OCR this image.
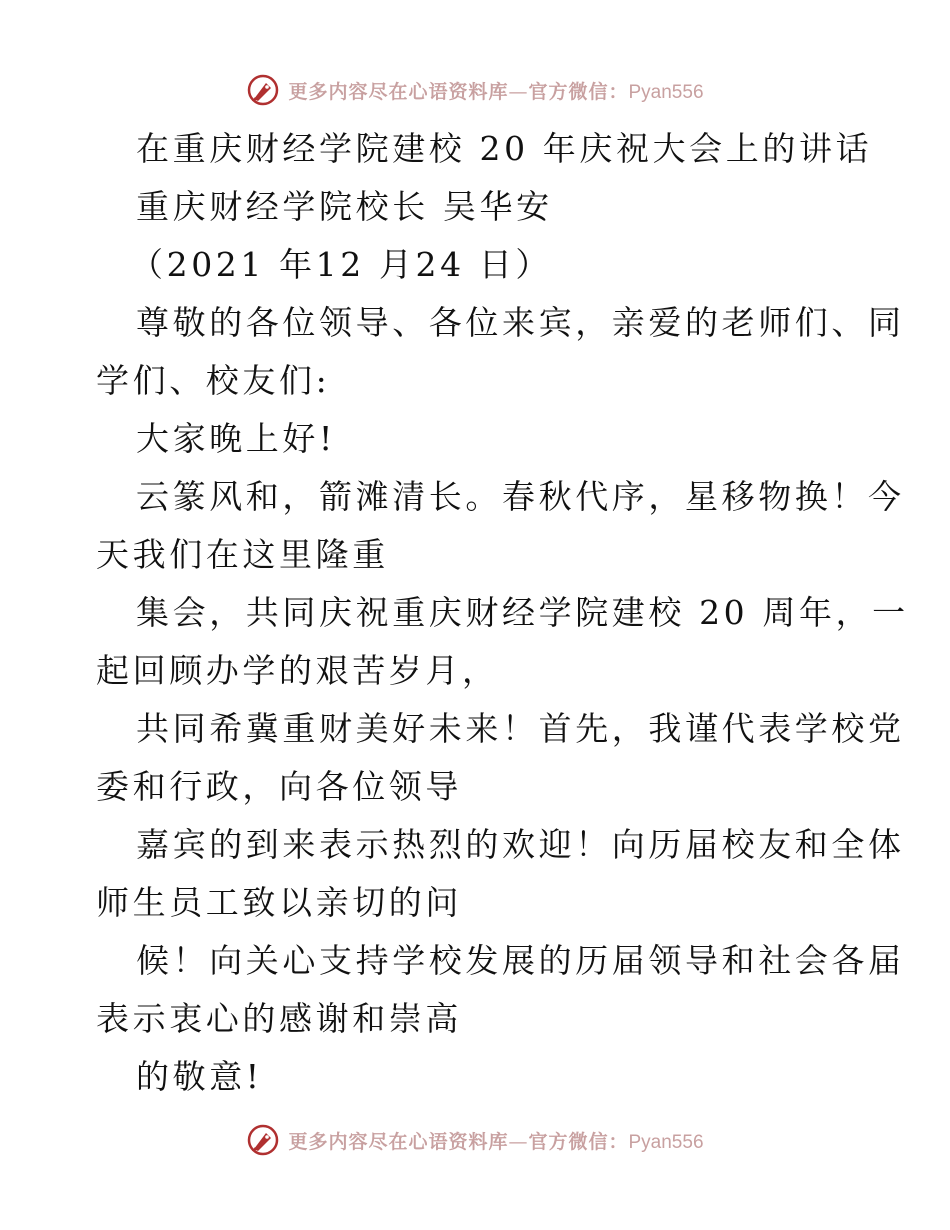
更多内容尽在心语资料库—官方微信：Pyan556
在重庆财经学院建校 20 年庆祝大会上的讲话
重庆财经学院校长 吴华安
（2021 年12 月24 日）
尊敬的各位领导、各位来宾，亲爱的老师们、同
学们、校友们:
大家晚上好!
云篆风和，箭滩清长。春秋代序，星移物换！今
天我们在这里隆重
集会，共同庆祝重庆财经学院建校 20 周年，一
起回顾办学的艰苦岁月，
共同希冀重财美好未来！首先，我谨代表学校党
委和行政，向各位领导
嘉宾的到来表示热烈的欢迎！向历届校友和全体
师生员工致以亲切的问
候！向关心支持学校发展的历届领导和社会各届
表示衷心的感谢和崇高
的敬意!
更多内容尽在心语资料库—官方微信：Pyan556
